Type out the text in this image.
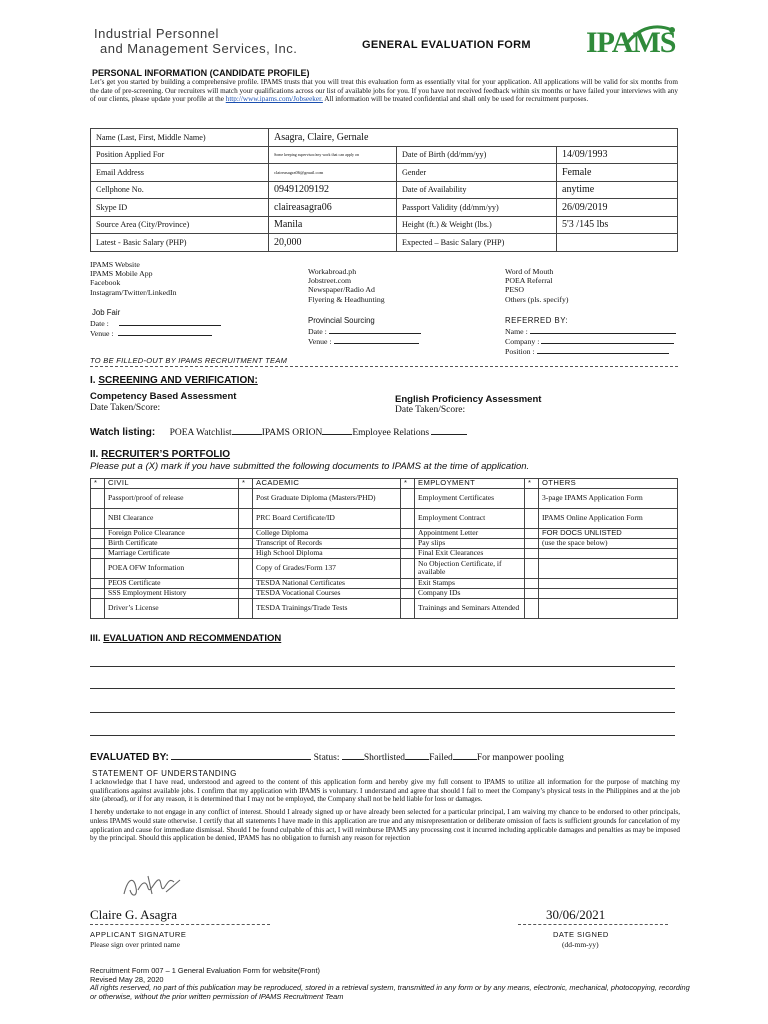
Industrial Personnel
and Management Services, Inc.	GENERAL EVALUATION FORM IPAMS
PERSONAL INFORMATION (CANDIDATE PROFILE)
Let’s get you started by building a comprehensive profile. IPAMS trusts that you will treat this evaluation form as essentially vital for your application. All applications will be valid for six months from the date of pre-screening. Our recruiters will match your qualifications across our list of available jobs for you. If you have not received feedback within six months or have failed your interviews with any of our clients, please update your profile at the http://www.ipams.com/Jobseeker. All information will be treated confidential and shall only be used for recruitment purposes.
Name (Last, First, Middle Name)	Asagra, Claire, Gernale		
Position Applied For	Some keeping supervisor/any work that can apply on	Date of Birth (dd/mm/yy)	14/09/1993
Email Address	claireasagra06@gmail.com	Gender	Female
Cellphone No.	09491209192	Date of Availability	anytime
Skype ID	claireasagra06	Passport Validity (dd/mm/yy)	26/09/2019
Source Area (City/Province)	Manila	Height (ft.) & Weight (lbs.)	5'3 /145 lbs
Latest - Basic Salary (PHP)	20,000	Expected – Basic Salary (PHP)	
IPAMS Website
IPAMS Mobile App
Facebook
Instagram/Twitter/LinkedIn
Workabroad.ph
Jobstreet.com
Newspaper/Radio Ad
Flyering & Headhunting
Word of Mouth
POEA Referral
PESO
Others (pls. specify)
Job Fair
Date :
Venue :
Provincial Sourcing
Date :
Venue :
REFERRED BY:
Name :
Company :
Position :
TO BE FILLED-OUT BY IPAMS RECRUITMENT TEAM
I. SCREENING AND VERIFICATION:
Competency Based Assessment
Date Taken/Score:
English Proficiency Assessment
Date Taken/Score:
Watch listing: POEA Watchlist	IPAMS ORION	Employee Relations
II. RECRUITER’S PORTFOLIO
Please put a (X) mark if you have submitted the following documents to IPAMS at the time of application.
*	CIVIL	*	ACADEMIC	*	EMPLOYMENT	*	OTHERS
	Passport/proof of release		Post Graduate Diploma (Masters/PHD)		Employment Certificates		3-page IPAMS Application Form
	NBI Clearance		PRC Board Certificate/ID		Employment Contract		IPAMS Online Application Form
	Foreign Police Clearance		College Diploma		Appointment Letter		FOR DOCS UNLISTED
	Birth Certificate		Transcript of Records		Pay slips		(use the space below)
	Marriage Certificate		High School Diploma		Final Exit Clearances		
	POEA OFW Information		Copy of Grades/Form 137		No Objection Certificate, if available		
	PEOS Certificate		TESDA National Certificates		Exit Stamps		
	SSS Employment History		TESDA Vocational Courses		Company IDs		
	Driver’s License		TESDA Trainings/Trade Tests		Trainings and Seminars Attended		
III. EVALUATION AND RECOMMENDATION
EVALUATED BY:	Status:	Shortlisted	Failed	For manpower pooling
STATEMENT OF UNDERSTANDING

I acknowledge that I have read, understood and agreed to the content of this application form and hereby give my full consent to IPAMS to utilize all information for the purpose of matching my qualifications against available jobs. I confirm that my application with IPAMS is voluntary. I understand and agree that should I fail to meet the Company’s physical tests in the Philippines and at the job site (abroad), or if for any reason, it is determined that I may not be employed, the Company shall not be held liable for loss or damages.

I hereby undertake to not engage in any conflict of interest. Should I already signed up or have already been selected for a particular principal, I am waiving my chance to be endorsed to other principals, unless IPAMS would state otherwise. I certify that all statements I have made in this application are true and any misrepresentation or deliberate omission of facts is sufficient grounds for cancelation of my application and cause for immediate dismissal. Should I be found culpable of this act, I will reimburse IPAMS any processing cost it incurred including applicable damages and penalties as may be imposed by the principal. Should this application be denied, IPAMS has no obligation to furnish any reason for rejection

Claire G. Asagra
APPLICANT SIGNATURE
Please sign over printed name
30/06/2021
DATE SIGNED
(dd-mm-yy)
Recruitment Form 007 – 1 General Evaluation Form for website(Front)
Revised May 28, 2020
All rights reserved, no part of this publication may be reproduced, stored in a retrieval system, transmitted in any form or by any means, electronic, mechanical, photocopying, recording or otherwise, without the prior written permission of IPAMS Recruitment Team
